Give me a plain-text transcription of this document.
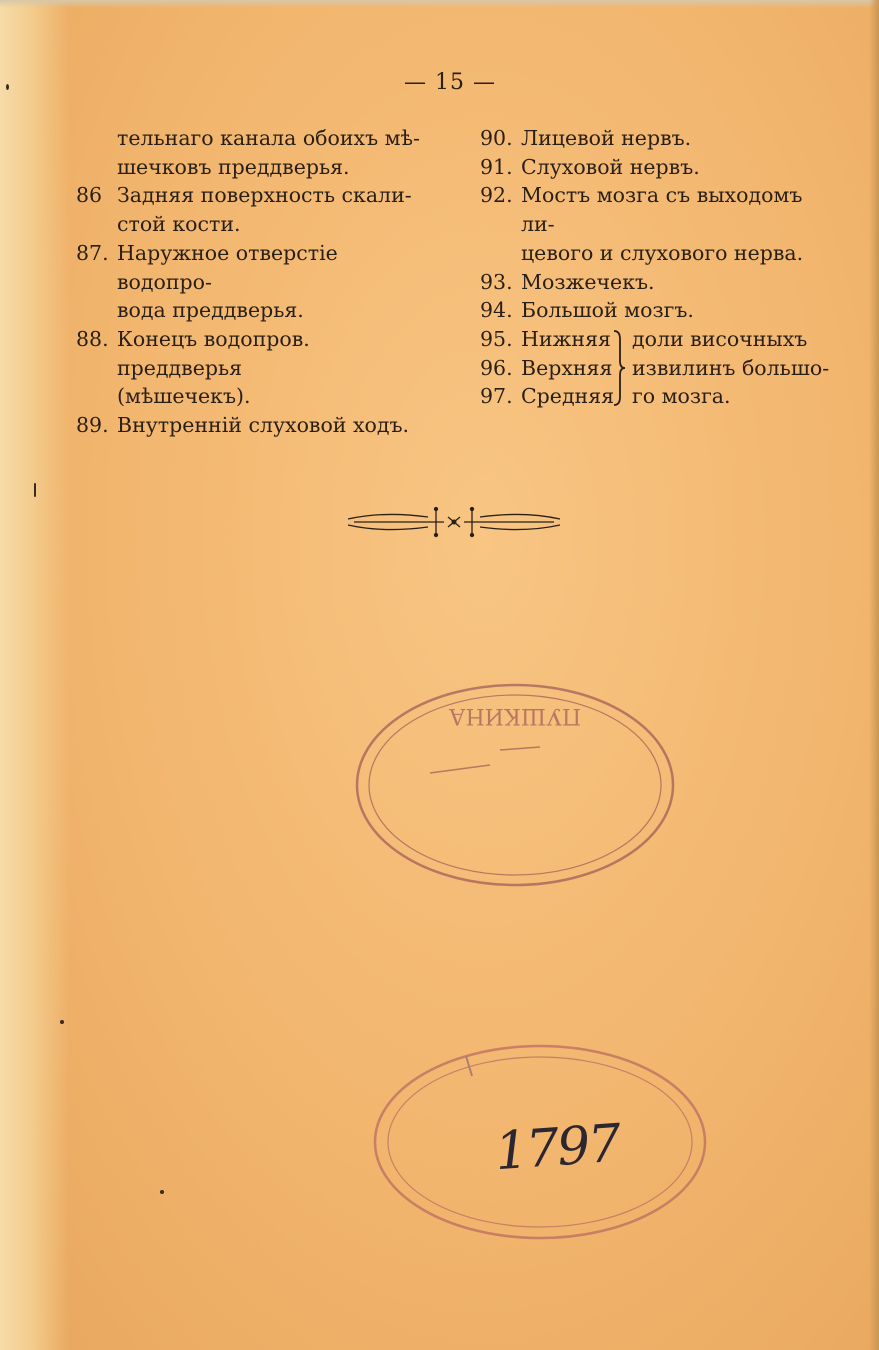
— 15 —
тельнаго канала обоихъ мѣ-
шечковъ преддверья.
86 Задняя поверхность скали-
стой кости.
87. Наружное отверстіе водопро-
вода преддверья.
88. Конецъ водопров. преддверья
(мѣшечекъ).
89. Внутренній слуховой ходъ.
90. Лицевой нервъ.
91. Слуховой нервъ.
92. Мостъ мозга съ выходомъ ли-
цевого и слухового нерва.
93. Мозжечекъ.
94. Большой мозгъ.
95. Нижняя
96. Верхняя
97. Средняя
доли височныхъ
извилинъ большо-
го мозга.
ПУШКИНА
1797
